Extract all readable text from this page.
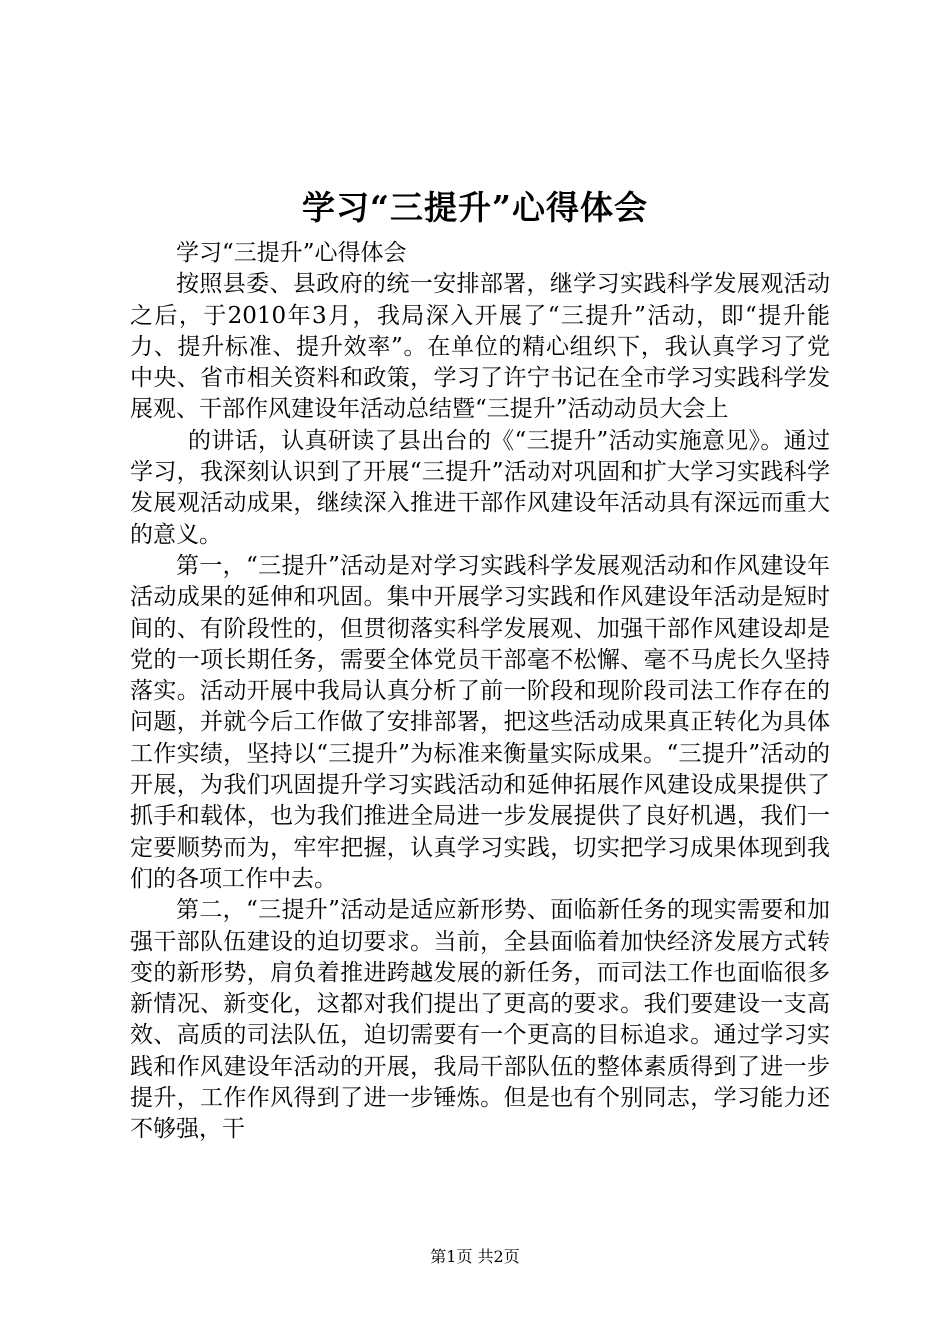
学习“三提升”心得体会

学习“三提升”心得体会

按照县委、县政府的统一安排部署，继学习实践科学发展观活动之后，于2010年3月，我局深入开展了“三提升”活动，即“提升能力、提升标准、提升效率”。在单位的精心组织下，我认真学习了党中央、省市相关资料和政策，学习了许宁书记在全市学习实践科学发展观、干部作风建设年活动总结暨“三提升”活动动员大会上

的讲话，认真研读了县出台的《“三提升”活动实施意见》。通过学习，我深刻认识到了开展“三提升”活动对巩固和扩大学习实践科学发展观活动成果，继续深入推进干部作风建设年活动具有深远而重大的意义。

第一，“三提升”活动是对学习实践科学发展观活动和作风建设年活动成果的延伸和巩固。集中开展学习实践和作风建设年活动是短时间的、有阶段性的，但贯彻落实科学发展观、加强干部作风建设却是党的一项长期任务，需要全体党员干部毫不松懈、毫不马虎长久坚持落实。活动开展中我局认真分析了前一阶段和现阶段司法工作存在的问题，并就今后工作做了安排部署，把这些活动成果真正转化为具体工作实绩，坚持以“三提升”为标准来衡量实际成果。“三提升”活动的开展，为我们巩固提升学习实践活动和延伸拓展作风建设成果提供了抓手和载体，也为我们推进全局进一步发展提供了良好机遇，我们一定要顺势而为，牢牢把握，认真学习实践，切实把学习成果体现到我们的各项工作中去。

第二，“三提升”活动是适应新形势、面临新任务的现实需要和加强干部队伍建设的迫切要求。当前，全县面临着加快经济发展方式转变的新形势，肩负着推进跨越发展的新任务，而司法工作也面临很多新情况、新变化，这都对我们提出了更高的要求。我们要建设一支高效、高质的司法队伍，迫切需要有一个更高的目标追求。通过学习实践和作风建设年活动的开展，我局干部队伍的整体素质得到了进一步提升，工作作风得到了进一步锤炼。但是也有个别同志，学习能力还不够强，干

第1页 共2页
